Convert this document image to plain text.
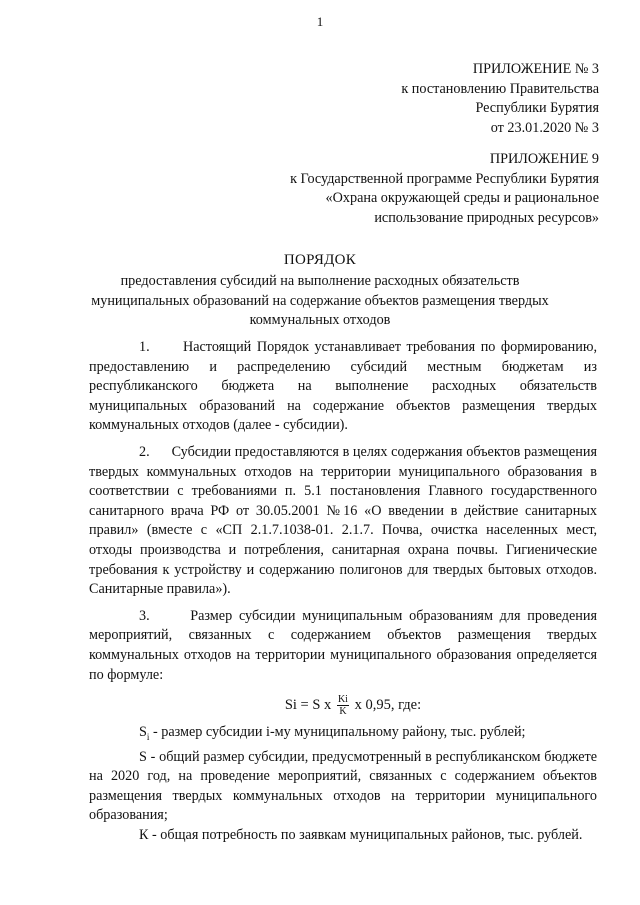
1
ПРИЛОЖЕНИЕ № 3
к постановлению Правительства
Республики Бурятия
от 23.01.2020 № 3
ПРИЛОЖЕНИЕ 9
к Государственной программе Республики Бурятия
«Охрана окружающей среды и рациональное
использование природных ресурсов»
ПОРЯДОК
предоставления субсидий на выполнение расходных обязательств муниципальных образований на содержание объектов размещения твердых коммунальных отходов

1.      Настоящий Порядок устанавливает требования по формированию, предоставлению и распределению субсидий местным бюджетам из республиканского бюджета на выполнение расходных обязательств муниципальных образований на содержание объектов размещения твердых коммунальных отходов (далее - субсидии).

2.      Субсидии предоставляются в целях содержания объектов размещения твердых коммунальных отходов на территории муниципального образования в соответствии с требованиями п. 5.1 постановления Главного государственного санитарного врача РФ от 30.05.2001 №16 «О введении в действие санитарных правил» (вместе с «СП 2.1.7.1038-01. 2.1.7. Почва, очистка населенных мест, отходы производства и потребления, санитарная охрана почвы. Гигиенические требования к устройству и содержанию полигонов для твердых бытовых отходов. Санитарные правила»).

3.      Размер субсидии муниципальным образованиям для проведения мероприятий, связанных с содержанием объектов размещения твердых коммунальных отходов на территории муниципального образования определяется по формуле:

Si = S x $\frac{Ki}{K}$ x 0,95, где:

$S_i$ - размер субсидии i-му муниципальному району, тыс. рублей;

S - общий размер субсидии, предусмотренный в республиканском бюджете на 2020 год, на проведение мероприятий, связанных с содержанием объектов размещения твердых коммунальных отходов на территории муниципального образования;

К - общая потребность по заявкам муниципальных районов, тыс. рублей.
